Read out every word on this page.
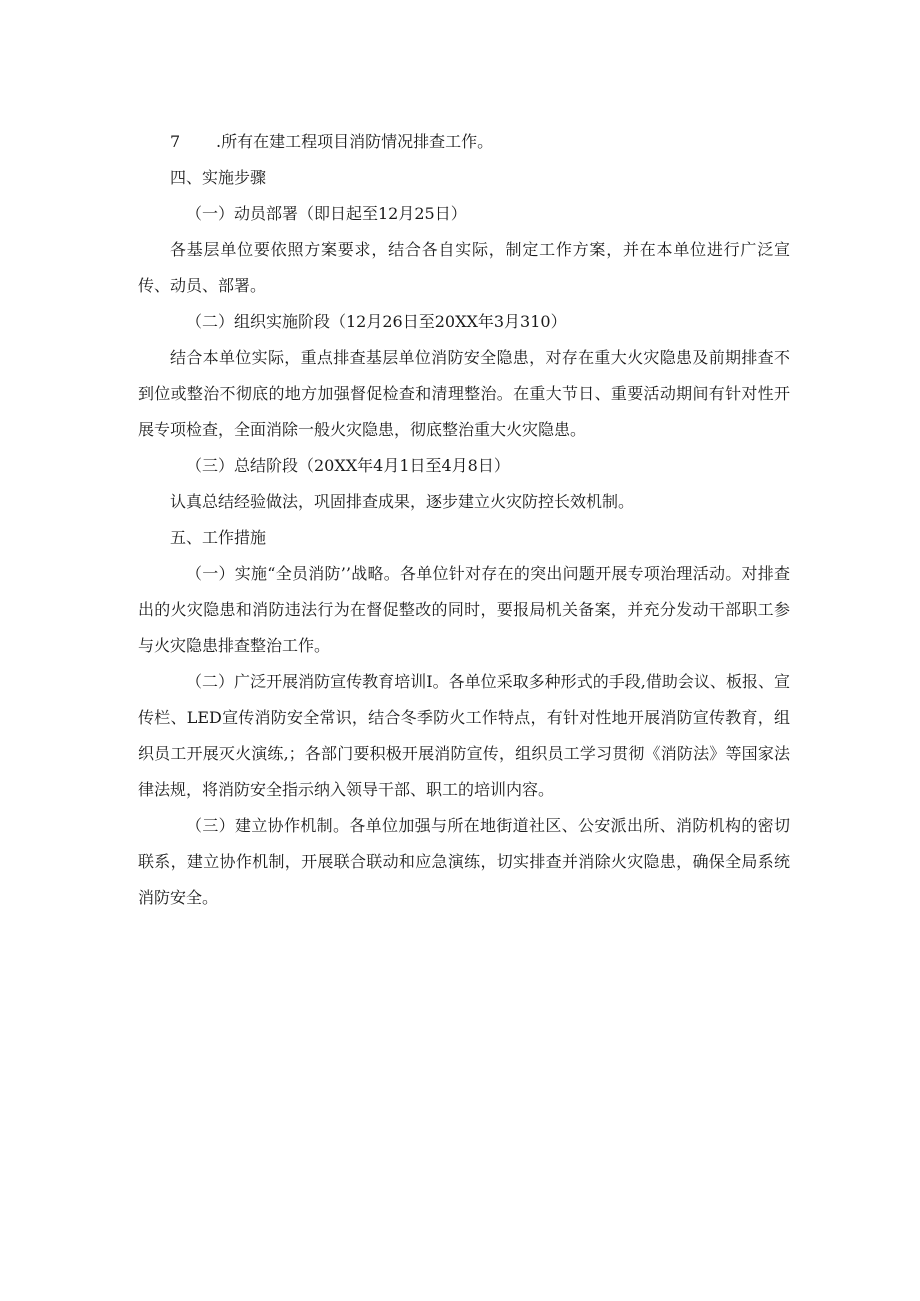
7 .所有在建工程项目消防情况排查工作。

四、实施步骤

（一）动员部署（即日起至12月25日）

各基层单位要依照方案要求，结合各自实际，制定工作方案，并在本单位进行广泛宣传、动员、部署。

（二）组织实施阶段（12月26日至20XX年3月310）

结合本单位实际，重点排查基层单位消防安全隐患，对存在重大火灾隐患及前期排查不到位或整治不彻底的地方加强督促检查和清理整治。在重大节日、重要活动期间有针对性开展专项检查，全面消除一般火灾隐患，彻底整治重大火灾隐患。

（三）总结阶段（20XX年4月1日至4月8日）

认真总结经验做法，巩固排查成果，逐步建立火灾防控长效机制。

五、工作措施

（一）实施“全员消防’’战略。各单位针对存在的突出问题开展专项治理活动。对排查出的火灾隐患和消防违法行为在督促整改的同时，要报局机关备案，并充分发动干部职工参与火灾隐患排查整治工作。

（二）广泛开展消防宣传教育培训I。各单位采取多种形式的手段,借助会议、板报、宣传栏、LED宣传消防安全常识，结合冬季防火工作特点，有针对性地开展消防宣传教育，组织员工开展灭火演练,；各部门要积极开展消防宣传，组织员工学习贯彻《消防法》等国家法律法规，将消防安全指示纳入领导干部、职工的培训内容。

（三）建立协作机制。各单位加强与所在地街道社区、公安派出所、消防机构的密切联系，建立协作机制，开展联合联动和应急演练，切实排查并消除火灾隐患，确保全局系统消防安全。
